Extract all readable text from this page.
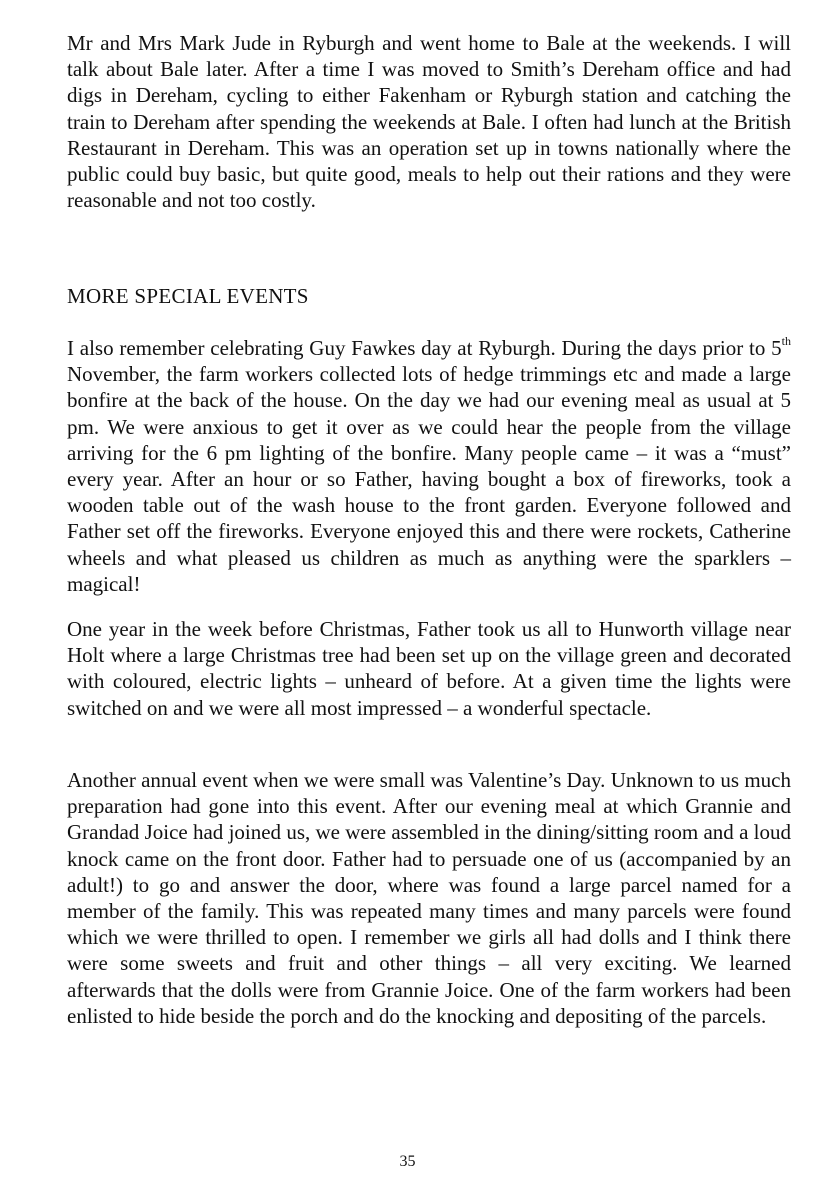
Mr and Mrs Mark Jude in Ryburgh and went home to Bale at the weekends. I will talk about Bale later. After a time I was moved to Smith’s Dereham office and had digs in Dereham, cycling to either Fakenham or Ryburgh station and catching the train to Dereham after spending the weekends at Bale. I often had lunch at the British Restaurant in Dereham. This was an operation set up in towns nationally where the public could buy basic, but quite good, meals to help out their rations and they were reasonable and not too costly.

MORE SPECIAL EVENTS

I also remember celebrating Guy Fawkes day at Ryburgh. During the days prior to 5th November, the farm workers collected lots of hedge trimmings etc and made a large bonfire at the back of the house. On the day we had our evening meal as usual at 5 pm. We were anxious to get it over as we could hear the people from the village arriving for the 6 pm lighting of the bonfire. Many people came – it was a “must” every year. After an hour or so Father, having bought a box of fireworks, took a wooden table out of the wash house to the front garden. Everyone followed and Father set off the fireworks. Everyone enjoyed this and there were rockets, Catherine wheels and what pleased us children as much as anything were the sparklers – magical!

One year in the week before Christmas, Father took us all to Hunworth village near Holt where a large Christmas tree had been set up on the village green and decorated with coloured, electric lights – unheard of before. At a given time the lights were switched on and we were all most impressed – a wonderful spectacle.

Another annual event when we were small was Valentine’s Day. Unknown to us much preparation had gone into this event. After our evening meal at which Grannie and Grandad Joice had joined us, we were assembled in the dining/sitting room and a loud knock came on the front door. Father had to persuade one of us (accompanied by an adult!) to go and answer the door, where was found a large parcel named for a member of the family. This was repeated many times and many parcels were found which we were thrilled to open. I remember we girls all had dolls and I think there were some sweets and fruit and other things – all very exciting. We learned afterwards that the dolls were from Grannie Joice. One of the farm workers had been enlisted to hide beside the porch and do the knocking and depositing of the parcels.

35
